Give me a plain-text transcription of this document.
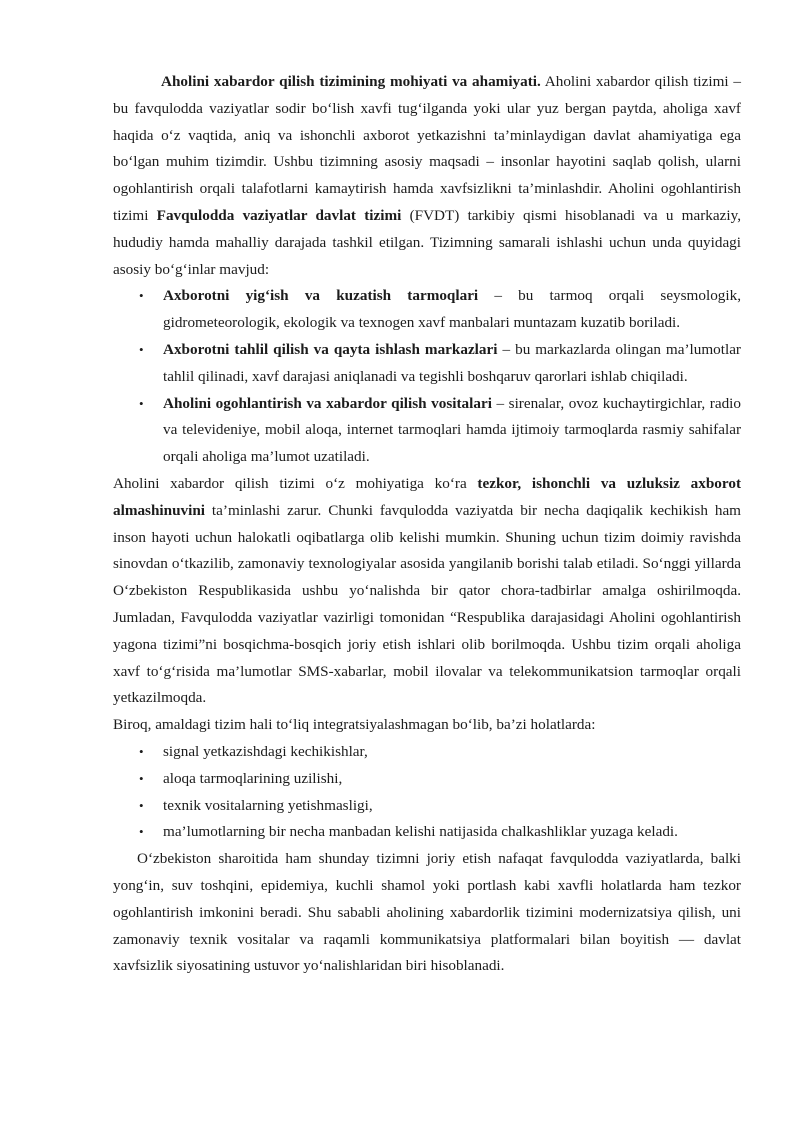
Aholini xabardor qilish tizimining mohiyati va ahamiyati. Aholini xabardor qilish tizimi – bu favqulodda vaziyatlar sodir bo‘lish xavfi tug‘ilganda yoki ular yuz bergan paytda, aholiga xavf haqida o‘z vaqtida, aniq va ishonchli axborot yetkazishni ta’minlaydigan davlat ahamiyatiga ega bo‘lgan muhim tizimdir. Ushbu tizimning asosiy maqsadi – insonlar hayotini saqlab qolish, ularni ogohlantirish orqali talafotlarni kamaytirish hamda xavfsizlikni ta’minlashdir. Aholini ogohlantirish tizimi Favqulodda vaziyatlar davlat tizimi (FVDT) tarkibiy qismi hisoblanadi va u markaziy, hududiy hamda mahalliy darajada tashkil etilgan. Tizimning samarali ishlashi uchun unda quyidagi asosiy bo‘g‘inlar mavjud:

• Axborotni yig‘ish va kuzatish tarmoqlari – bu tarmoq orqali seysmologik, gidrometeorologik, ekologik va texnogen xavf manbalari muntazam kuzatib boriladi.
• Axborotni tahlil qilish va qayta ishlash markazlari – bu markazlarda olingan ma’lumotlar tahlil qilinadi, xavf darajasi aniqlanadi va tegishli boshqaruv qarorlari ishlab chiqiladi.
• Aholini ogohlantirish va xabardor qilish vositalari – sirenalar, ovoz kuchaytirgichlar, radio va televideniye, mobil aloqa, internet tarmoqlari hamda ijtimoiy tarmoqlarda rasmiy sahifalar orqali aholiga ma’lumot uzatiladi.

Aholini xabardor qilish tizimi o‘z mohiyatiga ko‘ra tezkor, ishonchli va uzluksiz axborot almashinuvini ta’minlashi zarur. Chunki favqulodda vaziyatda bir necha daqiqalik kechikish ham inson hayoti uchun halokatli oqibatlarga olib kelishi mumkin. Shuning uchun tizim doimiy ravishda sinovdan o‘tkazilib, zamonaviy texnologiyalar asosida yangilanib borishi talab etiladi. So‘nggi yillarda O‘zbekiston Respublikasida ushbu yo‘nalishda bir qator chora-tadbirlar amalga oshirilmoqda. Jumladan, Favqulodda vaziyatlar vazirligi tomonidan “Respublika darajasidagi Aholini ogohlantirish yagona tizimi”ni bosqichma-bosqich joriy etish ishlari olib borilmoqda. Ushbu tizim orqali aholiga xavf to‘g‘risida ma’lumotlar SMS-xabarlar, mobil ilovalar va telekommunikatsion tarmoqlar orqali yetkazilmoqda.

Biroq, amaldagi tizim hali to‘liq integratsiyalashmagan bo‘lib, ba’zi holatlarda:

• signal yetkazishdagi kechikishlar,
• aloqa tarmoqlarining uzilishi,
• texnik vositalarning yetishmasligi,
• ma’lumotlarning bir necha manbadan kelishi natijasida chalkashliklar yuzaga keladi.

O‘zbekiston sharoitida ham shunday tizimni joriy etish nafaqat favqulodda vaziyatlarda, balki yong‘in, suv toshqini, epidemiya, kuchli shamol yoki portlash kabi xavfli holatlarda ham tezkor ogohlantirish imkonini beradi. Shu sababli aholining xabardorlik tizimini modernizatsiya qilish, uni zamonaviy texnik vositalar va raqamli kommunikatsiya platformalari bilan boyitish — davlat xavfsizlik siyosatining ustuvor yo‘nalishlaridan biri hisoblanadi.
